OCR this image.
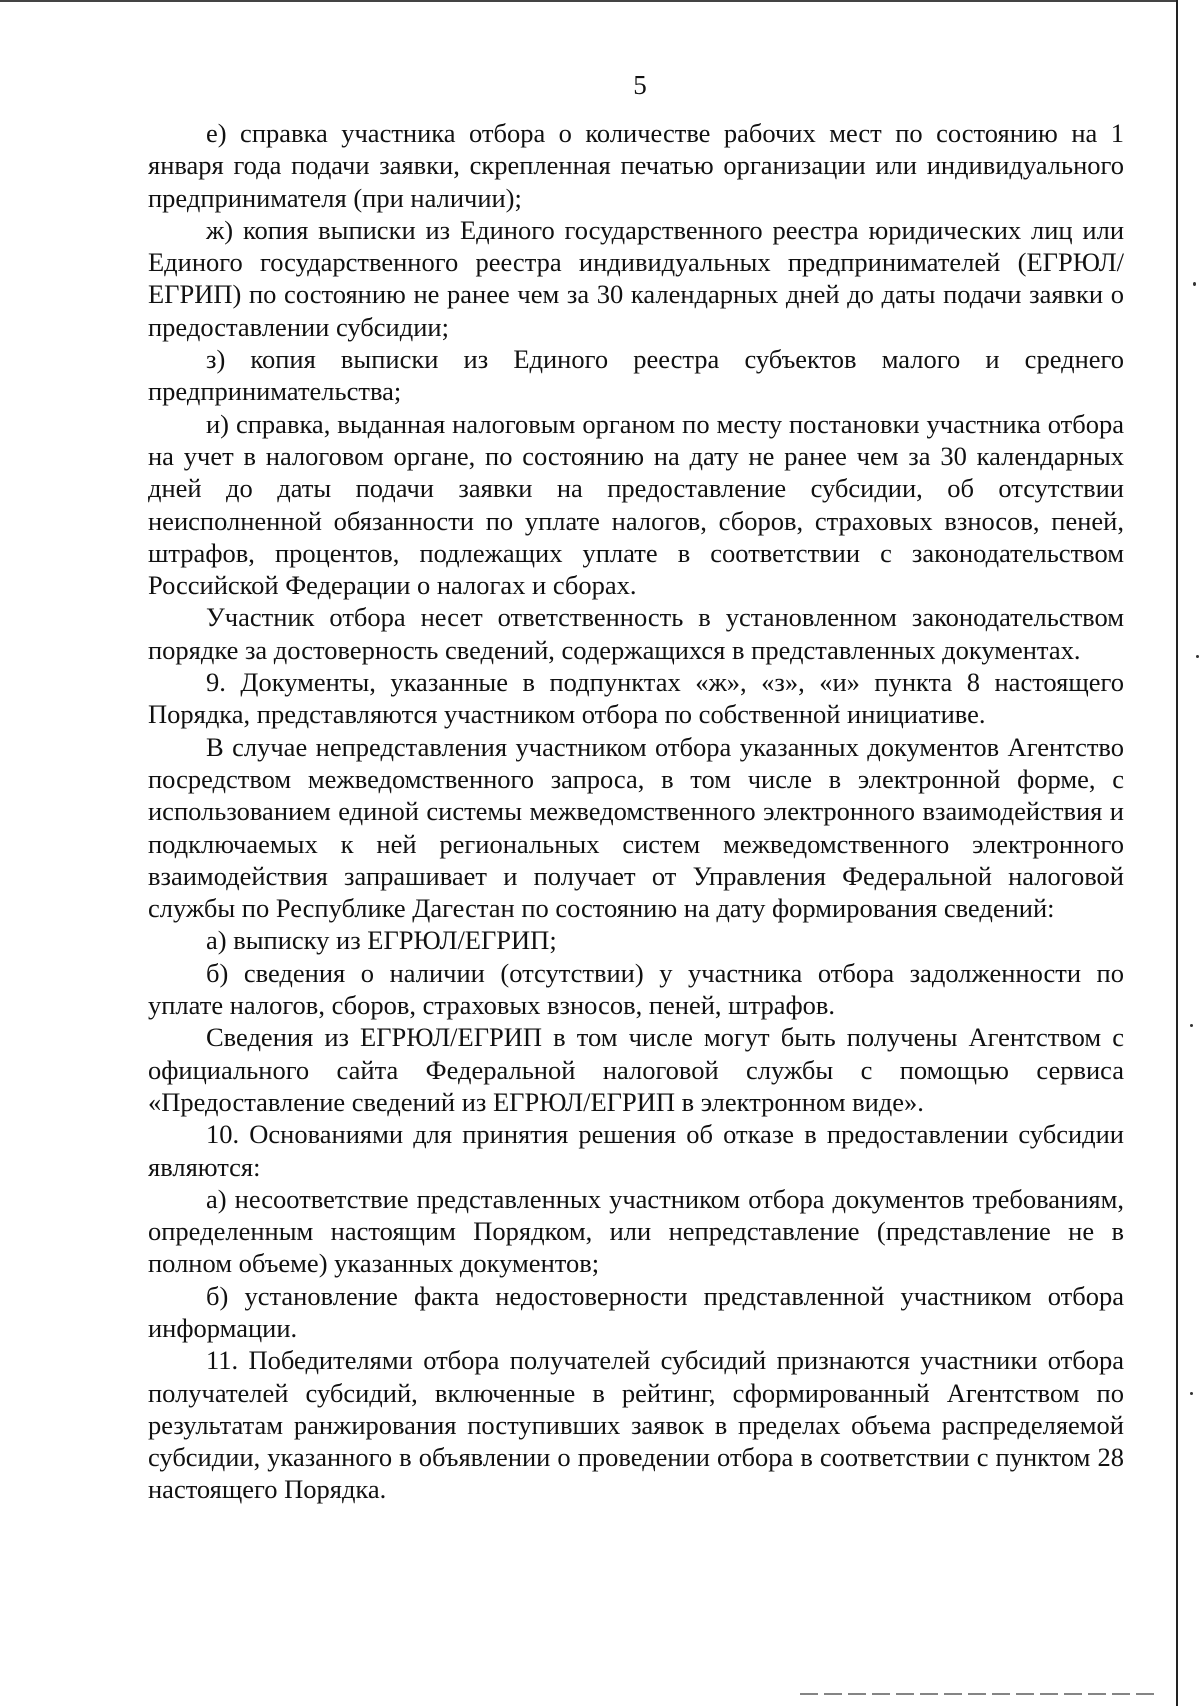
5

е) справка участника отбора о количестве рабочих мест по состоянию на 1 января года подачи заявки, скрепленная печатью организации или индивидуального предпринимателя (при наличии);

ж) копия выписки из Единого государственного реестра юридических лиц или Единого государственного реестра индивидуальных предпринимателей (ЕГРЮЛ/ЕГРИП) по состоянию не ранее чем за 30 календарных дней до даты подачи заявки о предоставлении субсидии;

з) копия выписки из Единого реестра субъектов малого и среднего предпринимательства;

и) справка, выданная налоговым органом по месту постановки участника отбора на учет в налоговом органе, по состоянию на дату не ранее чем за 30 календарных дней до даты подачи заявки на предоставление субсидии, об отсутствии неисполненной обязанности по уплате налогов, сборов, страховых взносов, пеней, штрафов, процентов, подлежащих уплате в соответствии с законодательством Российской Федерации о налогах и сборах.

Участник отбора несет ответственность в установленном законодательством порядке за достоверность сведений, содержащихся в представленных документах.

9. Документы, указанные в подпунктах «ж», «з», «и» пункта 8 настоящего Порядка, представляются участником отбора по собственной инициативе.

В случае непредставления участником отбора указанных документов Агентство посредством межведомственного запроса, в том числе в электронной форме, с использованием единой системы межведомственного электронного взаимодействия и подключаемых к ней региональных систем межведомственного электронного взаимодействия запрашивает и получает от Управления Федеральной налоговой службы по Республике Дагестан по состоянию на дату формирования сведений:

а) выписку из ЕГРЮЛ/ЕГРИП;

б) сведения о наличии (отсутствии) у участника отбора задолженности по уплате налогов, сборов, страховых взносов, пеней, штрафов.

Сведения из ЕГРЮЛ/ЕГРИП в том числе могут быть получены Агентством с официального сайта Федеральной налоговой службы с помощью сервиса «Предоставление сведений из ЕГРЮЛ/ЕГРИП в электронном виде».

10. Основаниями для принятия решения об отказе в предоставлении субсидии являются:

а) несоответствие представленных участником отбора документов требованиям, определенным настоящим Порядком, или непредставление (представление не в полном объеме) указанных документов;

б) установление факта недостоверности представленной участником отбора информации.

11. Победителями отбора получателей субсидий признаются участники отбора получателей субсидий, включенные в рейтинг, сформированный Агентством по результатам ранжирования поступивших заявок в пределах объема распределяемой субсидии, указанного в объявлении о проведении отбора в соответствии с пунктом 28 настоящего Порядка.
